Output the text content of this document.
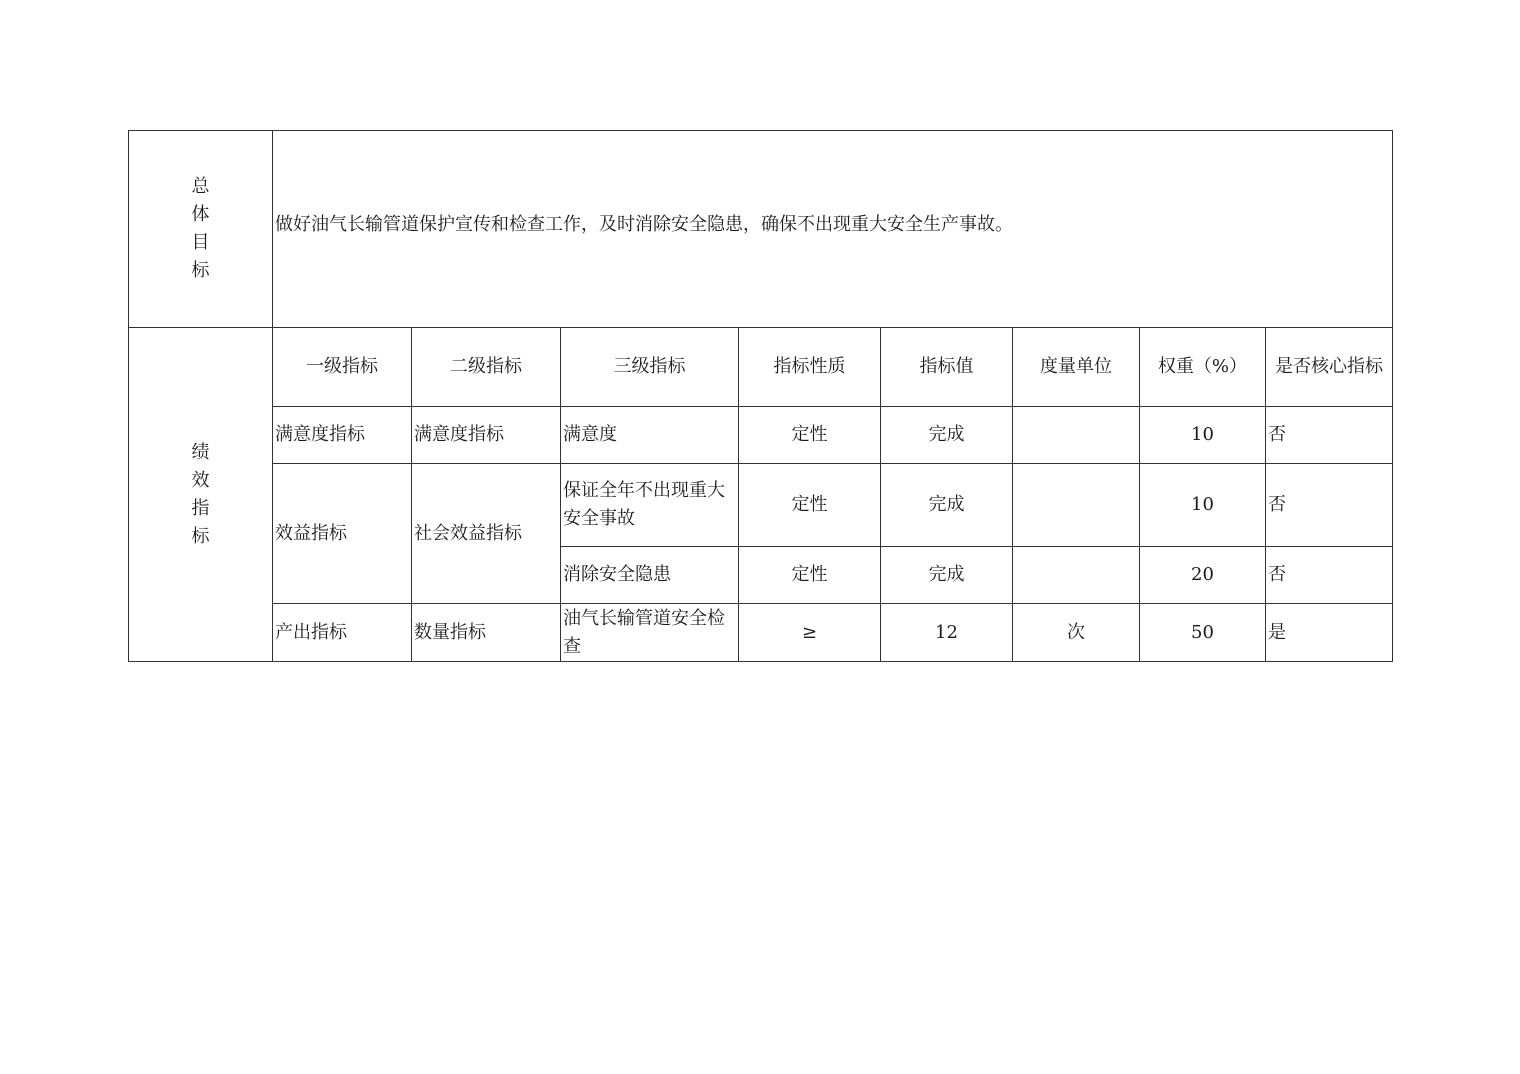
总
体
目
标	做好油气长输管道保护宣传和检查工作，及时消除安全隐患，确保不出现重大安全生产事故。							

绩
效
指
标	一级指标	二级指标	三级指标	指标性质	指标值	度量单位	权重（%）	是否核心指标
	满意度指标	满意度指标	满意度	定性	完成		10	否
	效益指标	社会效益指标	保证全年不出现重大安全事故	定性	完成		10	否
			消除安全隐患	定性	完成		20	否
	产出指标	数量指标	油气长输管道安全检查	≥	12	次	50	是
